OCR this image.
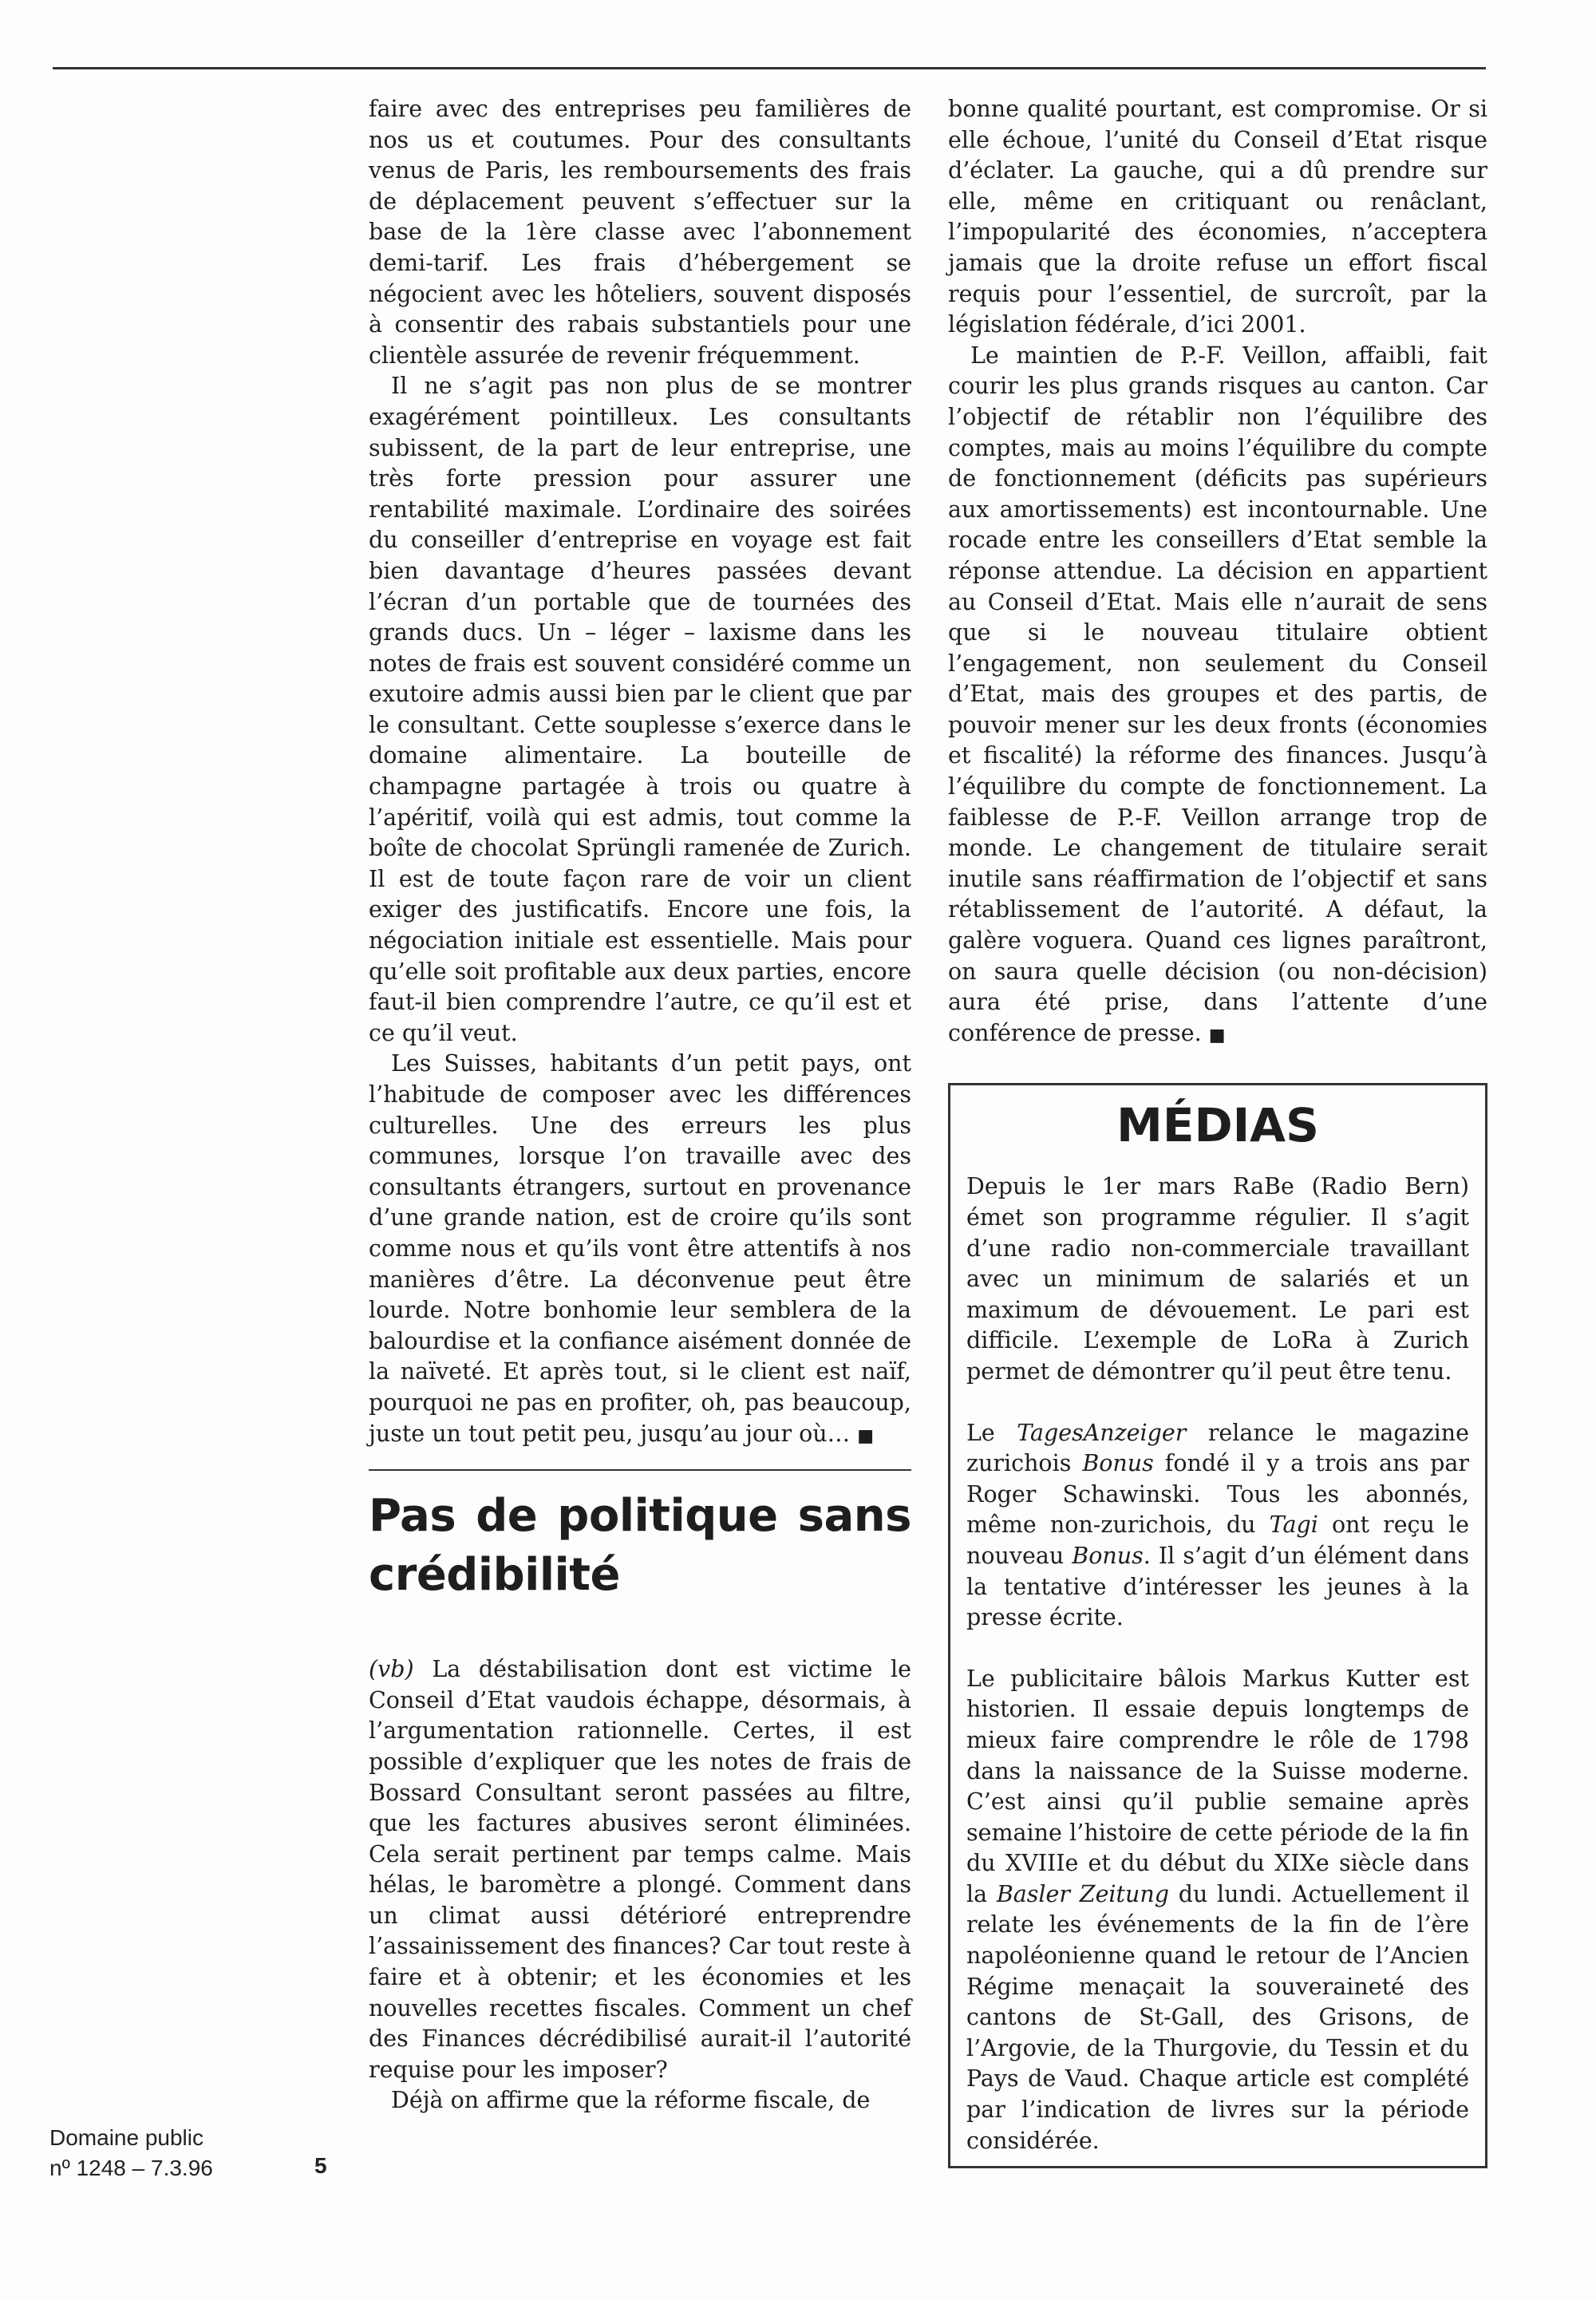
faire avec des entreprises peu familières de nos us et coutumes. Pour des consultants venus de Paris, les remboursements des frais de déplacement peuvent s’effectuer sur la base de la 1ère classe avec l’abonnement demi-tarif. Les frais d’hébergement se négocient avec les hôteliers, souvent disposés à consentir des rabais substantiels pour une clientèle assurée de revenir fréquemment.

Il ne s’agit pas non plus de se montrer exagérément pointilleux. Les consultants subissent, de la part de leur entreprise, une très forte pression pour assurer une rentabilité maximale. L’ordinaire des soirées du conseiller d’entreprise en voyage est fait bien davantage d’heures passées devant l’écran d’un portable que de tournées des grands ducs. Un – léger – laxisme dans les notes de frais est souvent considéré comme un exutoire admis aussi bien par le client que par le consultant. Cette souplesse s’exerce dans le domaine alimentaire. La bouteille de champagne partagée à trois ou quatre à l’apéritif, voilà qui est admis, tout comme la boîte de chocolat Sprüngli ramenée de Zurich. Il est de toute façon rare de voir un client exiger des justificatifs. Encore une fois, la négociation initiale est essentielle. Mais pour qu’elle soit profitable aux deux parties, encore faut-il bien comprendre l’autre, ce qu’il est et ce qu’il veut.

Les Suisses, habitants d’un petit pays, ont l’habitude de composer avec les différences culturelles. Une des erreurs les plus communes, lorsque l’on travaille avec des consultants étrangers, surtout en provenance d’une grande nation, est de croire qu’ils sont comme nous et qu’ils vont être attentifs à nos manières d’être. La déconvenue peut être lourde. Notre bonhomie leur semblera de la balourdise et la confiance aisément donnée de la naïveté. Et après tout, si le client est naïf, pourquoi ne pas en profiter, oh, pas beaucoup, juste un tout petit peu, jusqu’au jour où… ■

Pas de politique sans crédibilité

(vb) La déstabilisation dont est victime le Conseil d’Etat vaudois échappe, désormais, à l’argumentation rationnelle. Certes, il est possible d’expliquer que les notes de frais de Bossard Consultant seront passées au filtre, que les factures abusives seront éliminées. Cela serait pertinent par temps calme. Mais hélas, le baromètre a plongé. Comment dans un climat aussi détérioré entreprendre l’assainissement des finances? Car tout reste à faire et à obtenir; et les économies et les nouvelles recettes fiscales. Comment un chef des Finances décrédibilisé aurait-il l’autorité requise pour les imposer?

Déjà on affirme que la réforme fiscale, de

bonne qualité pourtant, est compromise. Or si elle échoue, l’unité du Conseil d’Etat risque d’éclater. La gauche, qui a dû prendre sur elle, même en critiquant ou renâclant, l’impopularité des économies, n’acceptera jamais que la droite refuse un effort fiscal requis pour l’essentiel, de surcroît, par la législation fédérale, d’ici 2001.

Le maintien de P.-F. Veillon, affaibli, fait courir les plus grands risques au canton. Car l’objectif de rétablir non l’équilibre des comptes, mais au moins l’équilibre du compte de fonctionnement (déficits pas supérieurs aux amortissements) est incontournable. Une rocade entre les conseillers d’Etat semble la réponse attendue. La décision en appartient au Conseil d’Etat. Mais elle n’aurait de sens que si le nouveau titulaire obtient l’engagement, non seulement du Conseil d’Etat, mais des groupes et des partis, de pouvoir mener sur les deux fronts (économies et fiscalité) la réforme des finances. Jusqu’à l’équilibre du compte de fonctionnement. La faiblesse de P.-F. Veillon arrange trop de monde. Le changement de titulaire serait inutile sans réaffirmation de l’objectif et sans rétablissement de l’autorité. A défaut, la galère voguera. Quand ces lignes paraîtront, on saura quelle décision (ou non-décision) aura été prise, dans l’attente d’une conférence de presse. ■

MÉDIAS

Depuis le 1er mars RaBe (Radio Bern) émet son programme régulier. Il s’agit d’une radio non-commerciale travaillant avec un minimum de salariés et un maximum de dévouement. Le pari est difficile. L’exemple de LoRa à Zurich permet de démontrer qu’il peut être tenu.

Le TagesAnzeiger relance le magazine zurichois Bonus fondé il y a trois ans par Roger Schawinski. Tous les abonnés, même non-zurichois, du Tagi ont reçu le nouveau Bonus. Il s’agit d’un élément dans la tentative d’intéresser les jeunes à la presse écrite.

Le publicitaire bâlois Markus Kutter est historien. Il essaie depuis longtemps de mieux faire comprendre le rôle de 1798 dans la naissance de la Suisse moderne. C’est ainsi qu’il publie semaine après semaine l’histoire de cette période de la fin du XVIIIe et du début du XIXe siècle dans la Basler Zeitung du lundi. Actuellement il relate les événements de la fin de l’ère napoléonienne quand le retour de l’Ancien Régime menaçait la souveraineté des cantons de St-Gall, des Grisons, de l’Argovie, de la Thurgovie, du Tessin et du Pays de Vaud. Chaque article est complété par l’indication de livres sur la période considérée.

Domaine public
nº 1248 – 7.3.96	5
